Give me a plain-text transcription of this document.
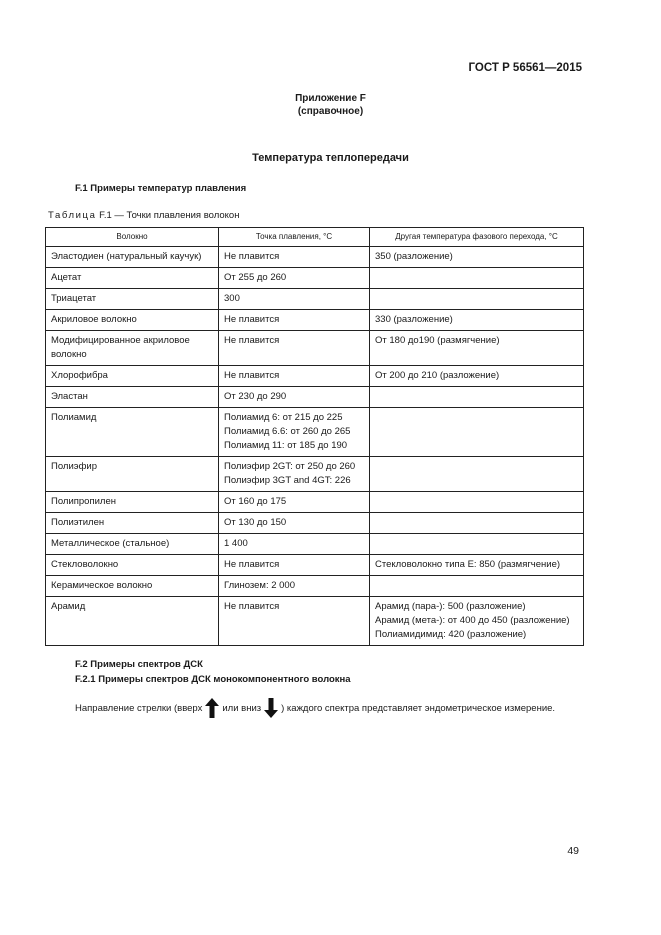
ГОСТ Р 56561—2015
Приложение F
(справочное)
Температура теплопередачи
F.1 Примеры температур плавления
Таблица F.1 — Точки плавления волокон
Волокно	Точка плавления, °С	Другая температура фазового перехода, °С
Эластодиен (натуральный каучук)	Не плавится	350 (разложение)

Ацетат	От 255 до 260	

Триацетат	300	

Акриловое волокно	Не плавится	330 (разложение)

Модифицированное акриловое волокно	Не плавится	От 180 до190 (размягчение)

Хлорофибра	Не плавится	От 200 до 210 (разложение)

Эластан	От 230 до 290	

Полиамид	Полиамид 6: от 215 до 225
Полиамид 6.6: от 260 до 265
Полиамид 11: от 185 до 190	

Полиэфир	Полиэфир 2GT: от 250 до 260
Полиэфир 3GT and 4GT: 226	

Полипропилен	От 160 до 175	

Полиэтилен	От 130 до 150	

Металлическое (стальное)	1 400	

Стекловолокно	Не плавится	Стекловолокно типа Е: 850 (размягчение)

Керамическое волокно	Глинозем: 2 000	

Арамид	Не плавится	Арамид (пара-): 500 (разложение)
Арамид (мета-): от 400 до 450 (разложение)
Полиамидимид: 420 (разложение)
F.2 Примеры спектров ДСК
F.2.1 Примеры спектров ДСК монокомпонентного волокна
Направление стрелки (вверх или вниз ) каждого спектра представляет эндометрическое измерение.
49
